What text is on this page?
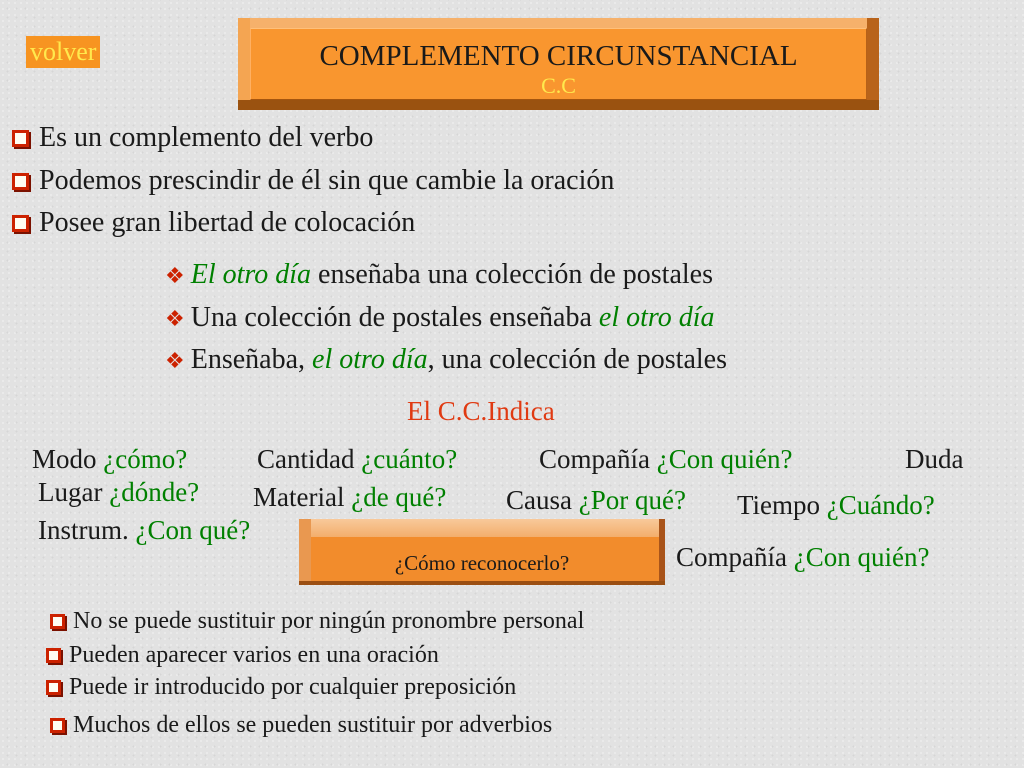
volver	COMPLEMENTO CIRCUNSTANCIAL
C.C
Es un complemento del verbo
Podemos prescindir de él sin que cambie la oración
Posee gran libertad de colocación
❖ El otro día enseñaba una colección de postales
❖ Una colección de postales enseñaba el otro día
❖ Enseñaba, el otro día, una colección de postales
El C.C.Indica
Modo ¿cómo?	Cantidad ¿cuánto?	Compañía ¿Con quién?	Duda
Lugar ¿dónde? Material ¿de qué? Causa ¿Por qué? Tiempo ¿Cuándo?
Instrum. ¿Con qué?
¿Cómo reconocerlo?	Compañía ¿Con quién?
No se puede sustituir por ningún pronombre personal
Pueden aparecer varios en una oración
Puede ir introducido por cualquier preposición
Muchos de ellos se pueden sustituir por adverbios
